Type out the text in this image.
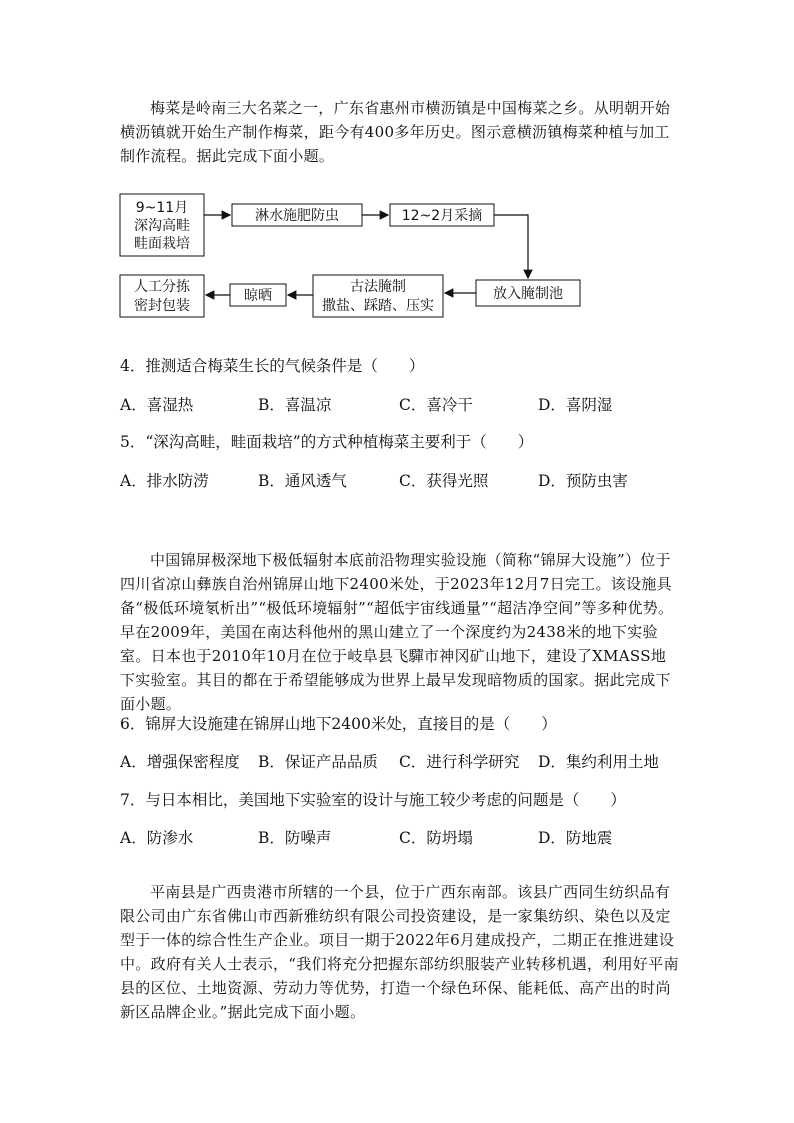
梅菜是岭南三大名菜之一，广东省惠州市横沥镇是中国梅菜之乡。从明朝开始横沥镇就开始生产制作梅菜，距今有400多年历史。图示意横沥镇梅菜种植与加工制作流程。据此完成下面小题。

9~11月
深沟高畦
畦面栽培
淋水施肥防虫	12~2月采摘
放入腌制池
古法腌制
撒盐、踩踏、压实
晾晒
人工分拣
密封包装

4．推测适合梅菜生长的气候条件是（　　）

A．喜湿热	B．喜温凉	C．喜冷干	D．喜阴湿

5．“深沟高畦，畦面栽培”的方式种植梅菜主要利于（　　）

A．排水防涝	B．通风透气	C．获得光照	D．预防虫害

中国锦屏极深地下极低辐射本底前沿物理实验设施（简称“锦屏大设施”）位于四川省凉山彝族自治州锦屏山地下2400米处，于2023年12月7日完工。该设施具备“极低环境氡析出”“极低环境辐射”“超低宇宙线通量”“超洁净空间”等多种优势。早在2009年，美国在南达科他州的黑山建立了一个深度约为2438米的地下实验室。日本也于2010年10月在位于岐阜县飞驒市神冈矿山地下，建设了XMASS地下实验室。其目的都在于希望能够成为世界上最早发现暗物质的国家。据此完成下面小题。

6．锦屏大设施建在锦屏山地下2400米处，直接目的是（　　）

A．增强保密程度 B．保证产品品质 C．进行科学研究 D．集约利用土地

7．与日本相比，美国地下实验室的设计与施工较少考虑的问题是（　　）

A．防渗水	B．防噪声	C．防坍塌	D．防地震

平南县是广西贵港市所辖的一个县，位于广西东南部。该县广西同生纺织品有限公司由广东省佛山市西新雅纺织有限公司投资建设，是一家集纺织、染色以及定型于一体的综合性生产企业。项目一期于2022年6月建成投产，二期正在推进建设中。政府有关人士表示，“我们将充分把握东部纺织服装产业转移机遇，利用好平南县的区位、土地资源、劳动力等优势，打造一个绿色环保、能耗低、高产出的时尚新区品牌企业。”据此完成下面小题。
